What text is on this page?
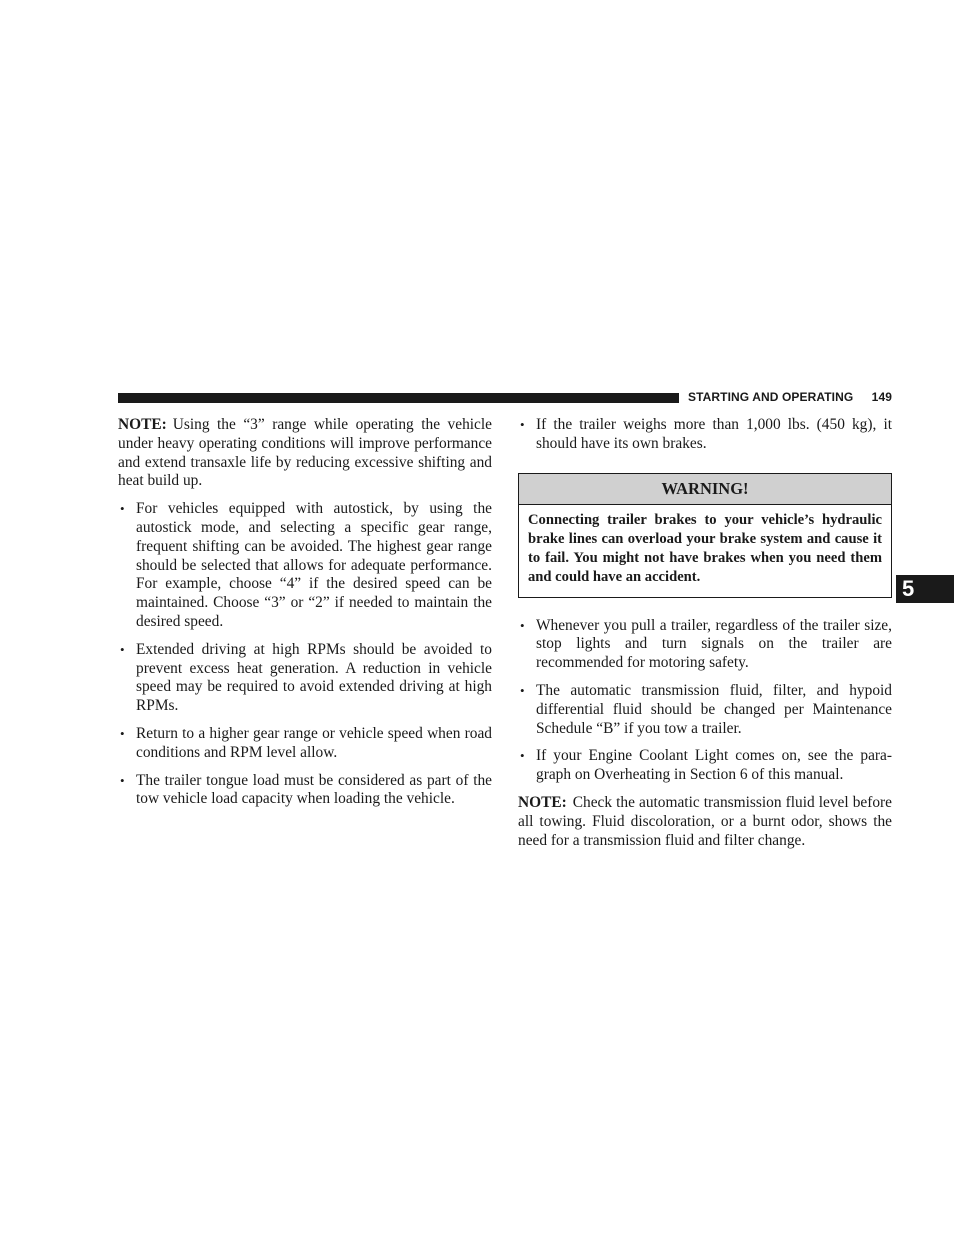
STARTING AND OPERATING 149
5

NOTE: Using the “3” range while operating the vehicle under heavy operating conditions will improve performance and extend transaxle life by reducing excessive shifting and heat build up.

• For vehicles equipped with autostick, by using the autostick mode, and selecting a specific gear range, frequent shifting can be avoided. The highest gear range should be selected that allows for adequate performance. For example, choose “4” if the desired speed can be maintained. Choose “3” or “2” if needed to maintain the desired speed.
• Extended driving at high RPMs should be avoided to prevent excess heat generation. A reduction in vehicle speed may be required to avoid extended driving at high RPMs.
• Return to a higher gear range or vehicle speed when road conditions and RPM level allow.
• The trailer tongue load must be considered as part of the tow vehicle load capacity when loading the vehicle.
• If the trailer weighs more than 1,000 lbs. (450 kg), it should have its own brakes.
WARNING!
Connecting trailer brakes to your vehicle’s hydraulic brake lines can overload your brake system and cause it to fail. You might not have brakes when you need them and could have an accident.
• Whenever you pull a trailer, regardless of the trailer size, stop lights and turn signals on the trailer are recommended for motoring safety.
• The automatic transmission fluid, filter, and hypoid differential fluid should be changed per Maintenance Schedule “B” if you tow a trailer.
• If your Engine Coolant Light comes on, see the paragraph on Overheating in Section 6 of this manual.

NOTE: Check the automatic transmission fluid level before all towing. Fluid discoloration, or a burnt odor, shows the need for a transmission fluid and filter change.
